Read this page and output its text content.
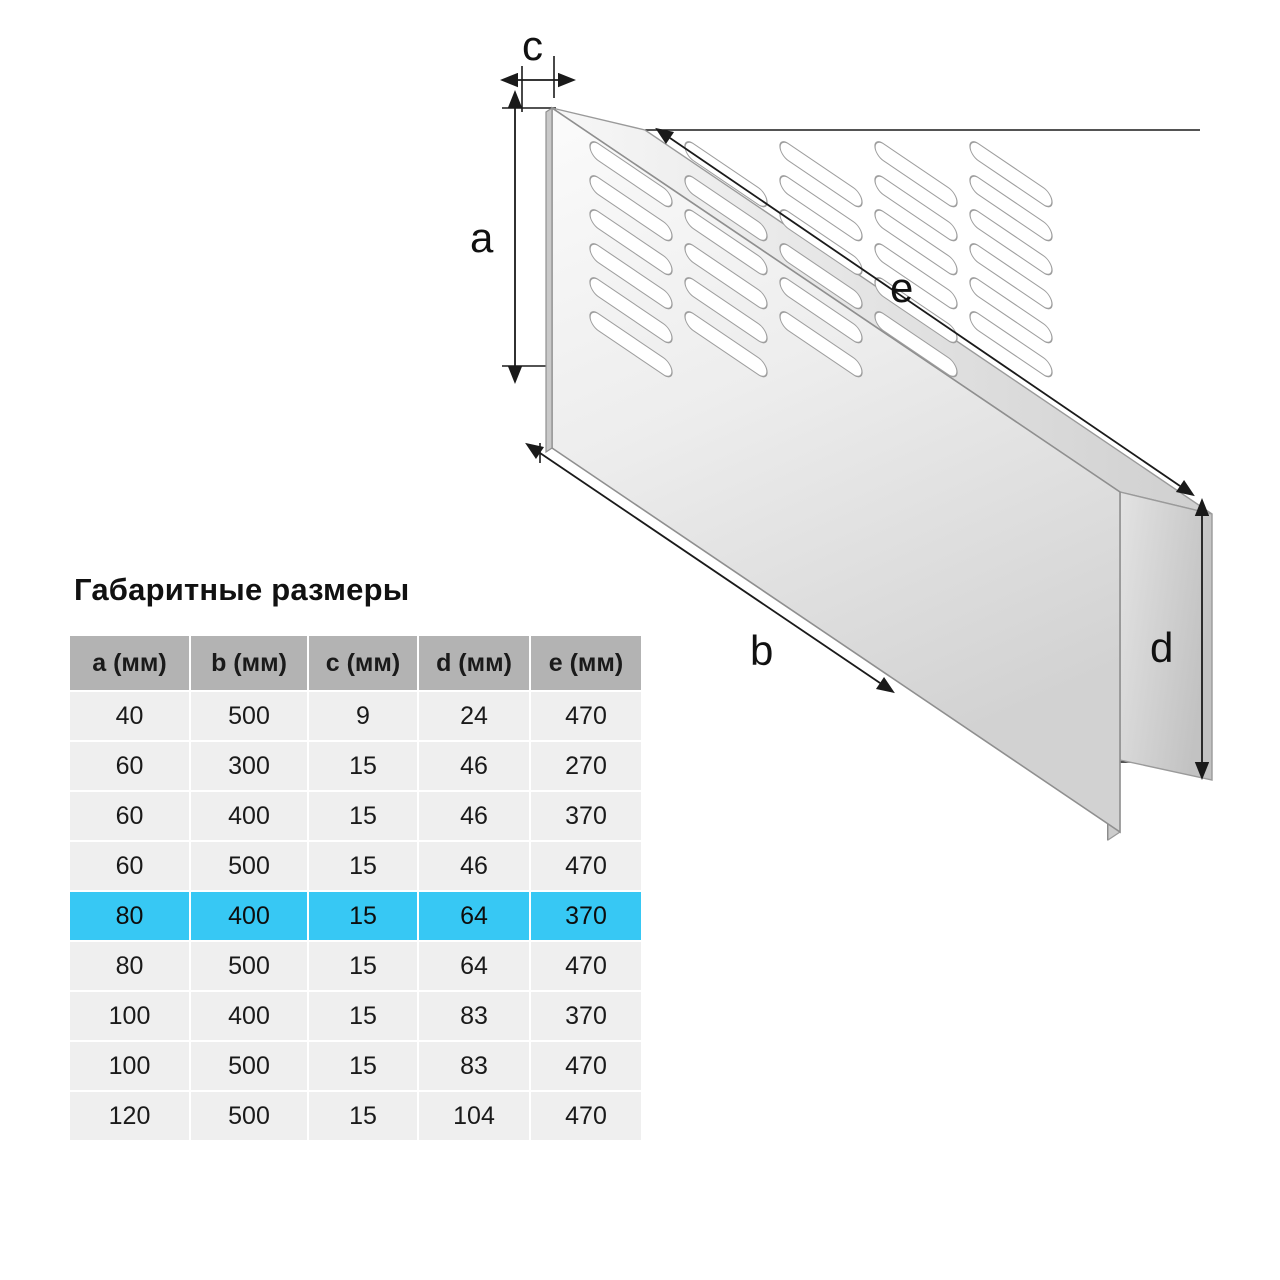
c
a
b
e
d
Габаритные размеры
a (мм)	b (мм)	c (мм)	d (мм)	e (мм)
40	500	9	24	470
60	300	15	46	270
60	400	15	46	370
60	500	15	46	470
80	400	15	64	370
80	500	15	64	470
100	400	15	83	370
100	500	15	83	470
120	500	15	104	470
